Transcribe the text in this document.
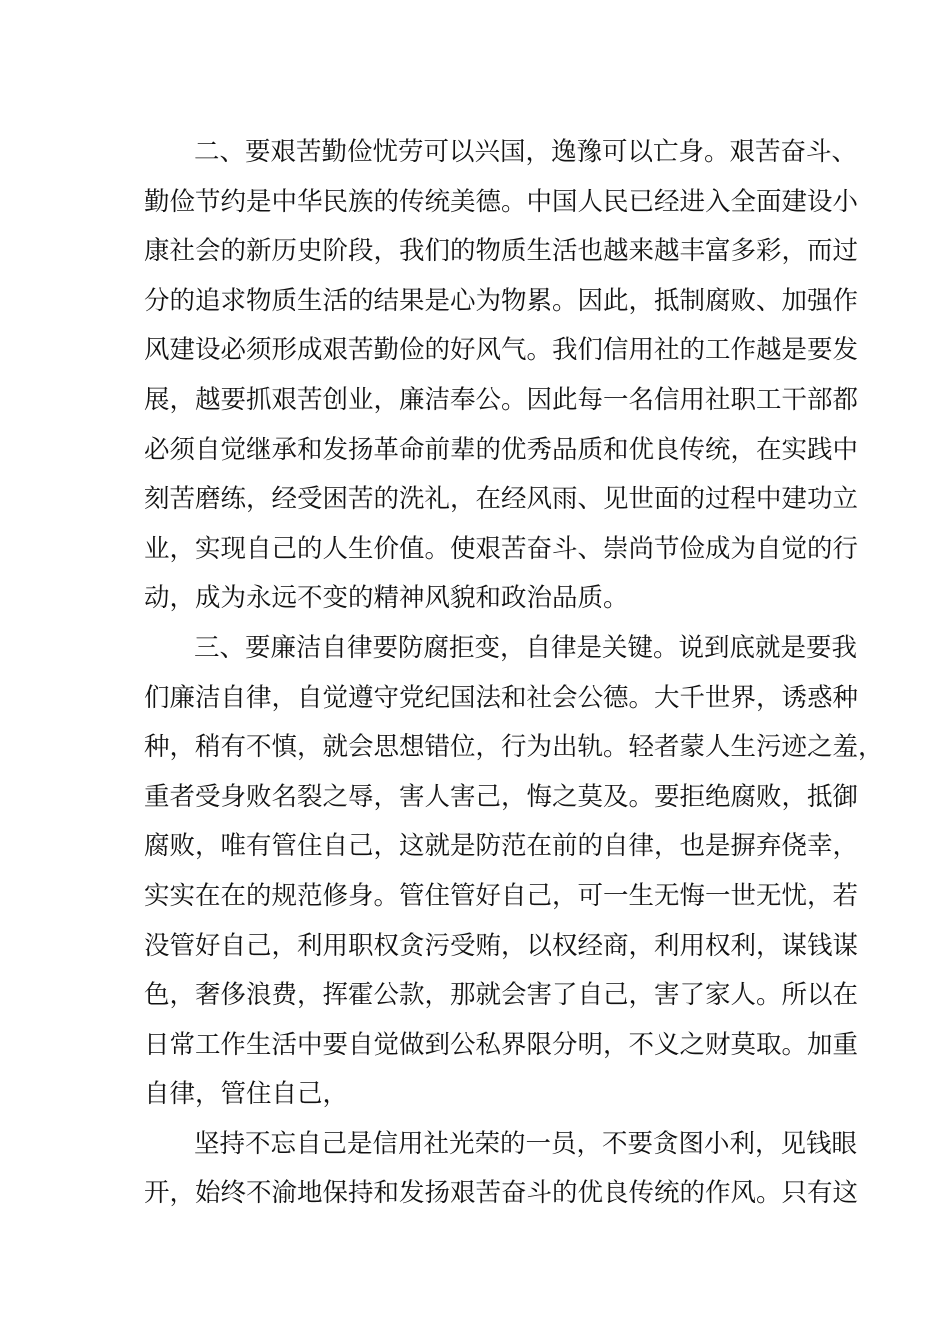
二、要艰苦勤俭忧劳可以兴国，逸豫可以亡身。艰苦奋斗、
勤俭节约是中华民族的传统美德。中国人民已经进入全面建设小
康社会的新历史阶段，我们的物质生活也越来越丰富多彩，而过
分的追求物质生活的结果是心为物累。因此，抵制腐败、加强作
风建设必须形成艰苦勤俭的好风气。我们信用社的工作越是要发
展，越要抓艰苦创业，廉洁奉公。因此每一名信用社职工干部都
必须自觉继承和发扬革命前辈的优秀品质和优良传统，在实践中
刻苦磨练，经受困苦的洗礼，在经风雨、见世面的过程中建功立
业，实现自己的人生价值。使艰苦奋斗、崇尚节俭成为自觉的行
动，成为永远不变的精神风貌和政治品质。
三、要廉洁自律要防腐拒变，自律是关键。说到底就是要我
们廉洁自律，自觉遵守党纪国法和社会公德。大千世界，诱惑种
种，稍有不慎，就会思想错位，行为出轨。轻者蒙人生污迹之羞，
重者受身败名裂之辱，害人害己，悔之莫及。要拒绝腐败，抵御
腐败，唯有管住自己，这就是防范在前的自律，也是摒弃侥幸，
实实在在的规范修身。管住管好自己，可一生无悔一世无忧，若
没管好自己，利用职权贪污受贿，以权经商，利用权利，谋钱谋
色，奢侈浪费，挥霍公款，那就会害了自己，害了家人。所以在
日常工作生活中要自觉做到公私界限分明，不义之财莫取。加重
自律，管住自己，
坚持不忘自己是信用社光荣的一员，不要贪图小利，见钱眼
开，始终不渝地保持和发扬艰苦奋斗的优良传统的作风。只有这
